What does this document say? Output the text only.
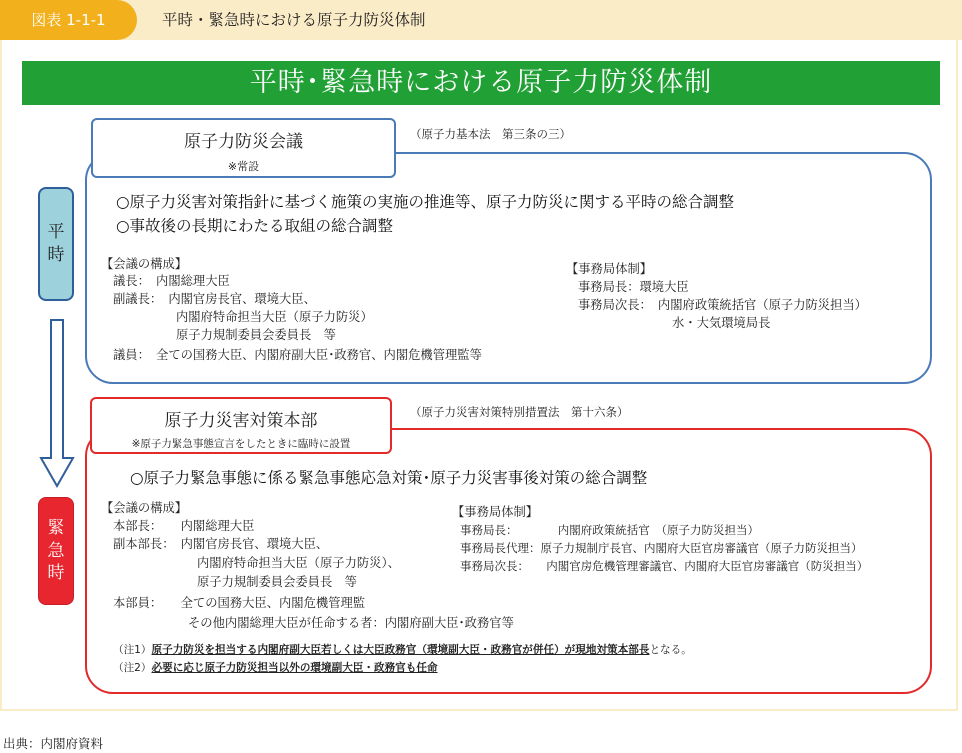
図表 1-1-1	平時・緊急時における原子力防災体制
平時･緊急時における原子力防災体制
平
時
緊
急
時
原子力防災会議
※常設
（原子力基本法　第三条の三）
○原子力災害対策指針に基づく施策の実施の推進等、原子力防災に関する平時の総合調整
○事故後の長期にわたる取組の総合調整
【会議の構成】
議長：　内閣総理大臣
副議長：　内閣官房長官、環境大臣、
内閣府特命担当大臣（原子力防災）
原子力規制委員会委員長　等
議員：　全ての国務大臣、内閣府副大臣･政務官、内閣危機管理監等
【事務局体制】
事務局長：環境大臣
事務局次長：　内閣府政策統括官（原子力防災担当）
水・大気環境局長
原子力災害対策本部
※原子力緊急事態宣言をしたときに臨時に設置
（原子力災害対策特別措置法　第十六条）
○原子力緊急事態に係る緊急事態応急対策･原子力災害事後対策の総合調整
【会議の構成】
本部長：　　内閣総理大臣
副本部長：　内閣官房長官、環境大臣、
内閣府特命担当大臣（原子力防災）、
原子力規制委員会委員長　等
本部員：　　全ての国務大臣、内閣危機管理監
その他内閣総理大臣が任命する者：内閣府副大臣･政務官等
【事務局体制】
事務局長：　　　　内閣府政策統括官　（原子力防災担当）
事務局長代理：原子力規制庁長官、内閣府大臣官房審議官（原子力防災担当）
事務局次長：　　内閣官房危機管理審議官、内閣府大臣官房審議官（防災担当）
（注1）原子力防災を担当する内閣府副大臣若しくは大臣政務官（環境副大臣・政務官が併任）が現地対策本部長となる。
（注2）必要に応じ原子力防災担当以外の環境副大臣・政務官も任命
出典：内閣府資料
